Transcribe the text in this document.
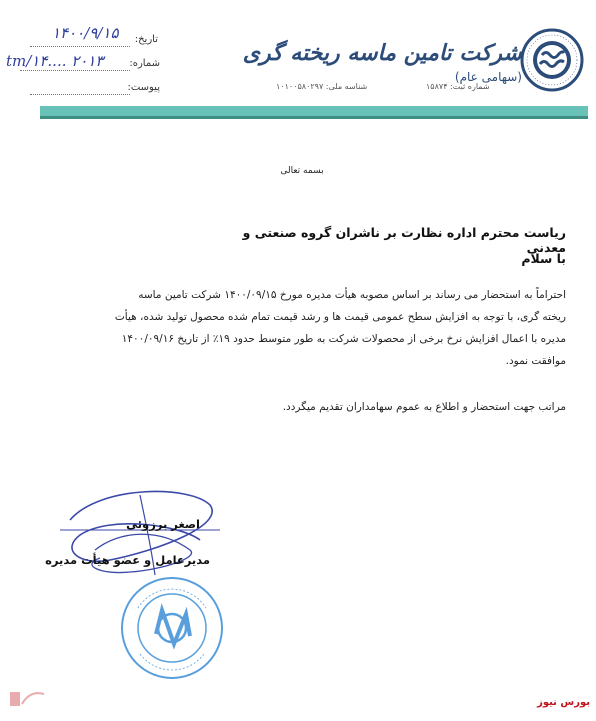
تاریخ:
۱۴۰۰/۹/۱۵
شماره:
tm/۱۴.... ۲۰۱۳
پیوست:
شرکت تامین ماسه ریخته گری (سهامی عام)
شماره ثبت: ۱۵۸۷۴
شناسه ملی: ۱۰۱۰۰۵۸۰۲۹۷
بسمه تعالی
ریاست محترم اداره نظارت بر ناشران گروه صنعتی و معدنی
با سلام
احتراماً به استحضار می رساند بر اساس مصوبه هیأت مدیره مورخ ۱۴۰۰/۰۹/۱۵ شرکت تامین ماسه
ریخته گری، با توجه به افزایش سطح عمومی قیمت ها و رشد قیمت تمام شده محصول تولید شده، هیأت
مدیره با اعمال افزایش نرخ برخی از محصولات شرکت به طور متوسط حدود ۱۹٪ از تاریخ ۱۴۰۰/۰۹/۱۶
موافقت نمود.
مراتب جهت استحضار و اطلاع به عموم سهامداران تقدیم میگردد.
اصغر برزوئی
مدیرعامل و عضو هیأت مدیره
بورس نیوز
